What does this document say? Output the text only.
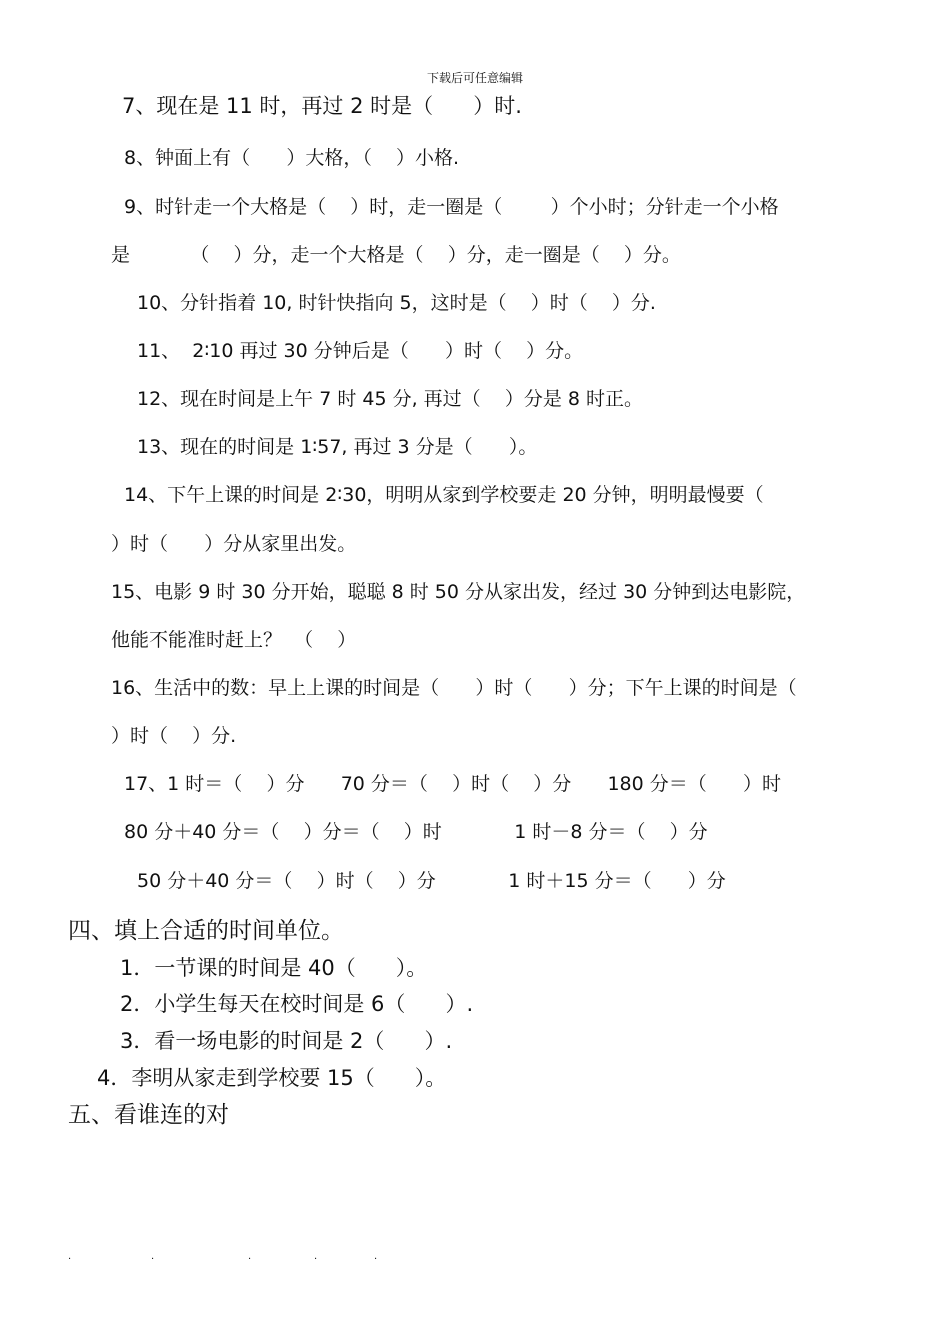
下载后可任意编辑
7、现在是 11 时，再过 2 时是（      ）时.
8、钟面上有（      ）大格，（    ）小格.
9、时针走一个大格是（    ）时，走一圈是（        ）个小时；分针走一个小格
是          （    ）分，走一个大格是（    ）分，走一圈是（    ）分。
10、分针指着 10, 时针快指向 5，这时是（    ）时（    ）分.
11、  2∶10 再过 30 分钟后是（      ）时（    ）分。
12、现在时间是上午 7 时 45 分, 再过（    ）分是 8 时正。
13、现在的时间是 1∶57, 再过 3 分是（      ）。
14、下午上课的时间是 2∶30，明明从家到学校要走 20 分钟，明明最慢要（
）时（      ）分从家里出发。
15、电影 9 时 30 分开始，聪聪 8 时 50 分从家出发，经过 30 分钟到达电影院，
他能不能准时赶上？  （    ）
16、生活中的数：早上上课的时间是（      ）时（      ）分；下午上课的时间是（
）时（    ）分.
17、1 时＝（    ）分      70 分＝（    ）时（    ）分      180 分＝（      ）时
80 分＋40 分＝（    ）分＝（    ）时            1 时－8 分＝（    ）分
50 分＋40 分＝（    ）时（    ）分            1 时＋15 分＝（      ）分
四、填上合适的时间单位。
1．一节课的时间是 40（      ）。
2．小学生每天在校时间是 6（      ）.
3．看一场电影的时间是 2（      ）.
4．李明从家走到学校要 15（      ）。
五、看谁连的对
.	.	.	.	.
